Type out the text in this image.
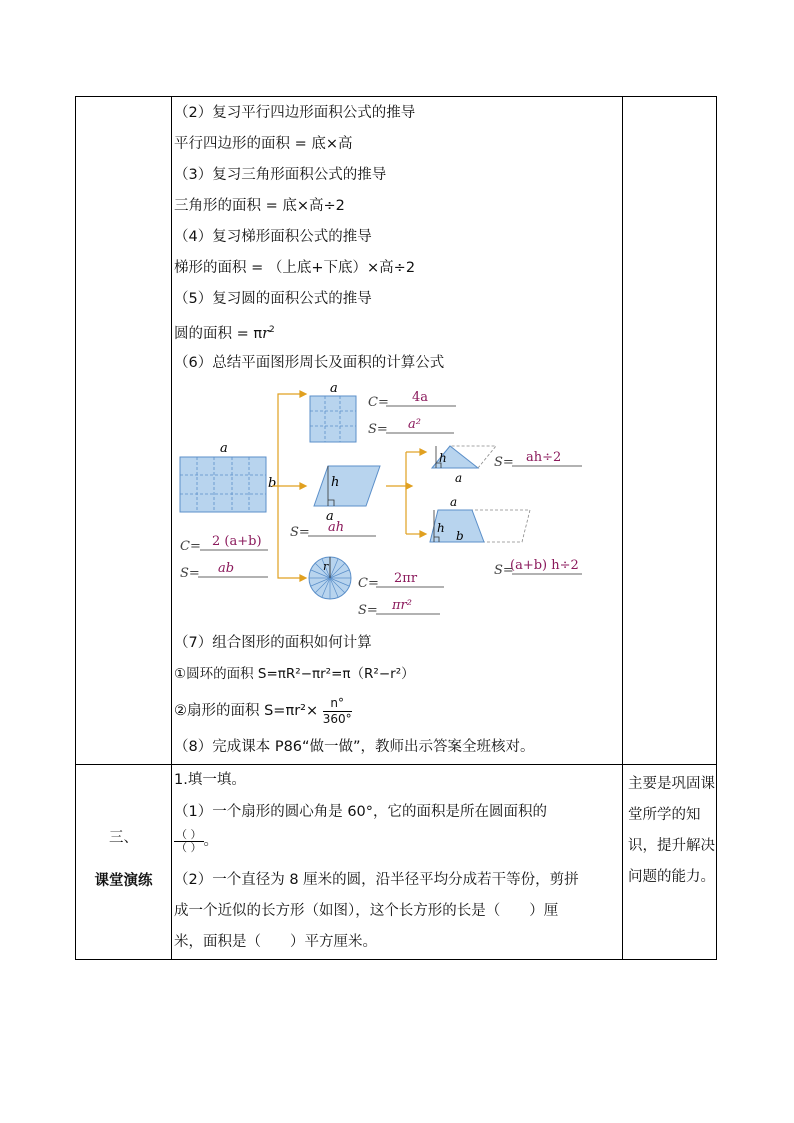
（2）复习平行四边形面积公式的推导
平行四边形的面积 = 底×高
（3）复习三角形面积公式的推导
三角形的面积 = 底×高÷2
（4）复习梯形面积公式的推导
梯形的面积 = （上底+下底）×高÷2
（5）复习圆的面积公式的推导
圆的面积 = $\pi r^2$
（6）总结平面图形周长及面积的计算公式
a
b
C= 2 (a+b)
S= ab
a
C= 4a
S= a²
h
a
S= ah
h
a
S= ah÷2
a
h
b
S=
(a+b) h÷2
r
C= 2πr
S= πr²
（7）组合图形的面积如何计算
①圆环的面积 S=πR²−πr²=π（R²−r²）
②扇形的面积 $S=\pi r^2\times \frac{n^\circ}{360^\circ}$
（8）完成课本 P86“做一做”，教师出示答案全班核对。
三、
课堂演练
1.填一填。
（1）一个扇形的圆心角是 60°，它的面积是所在圆面积的
$\frac{( )}{( )}$ 。
（2）一个直径为 8 厘米的圆，沿半径平均分成若干等份，剪拼
成一个近似的长方形（如图），这个长方形的长是（　　）厘
米，面积是（　　）平方厘米。
主要是巩固课堂所学的知识，提升解决问题的能力。
